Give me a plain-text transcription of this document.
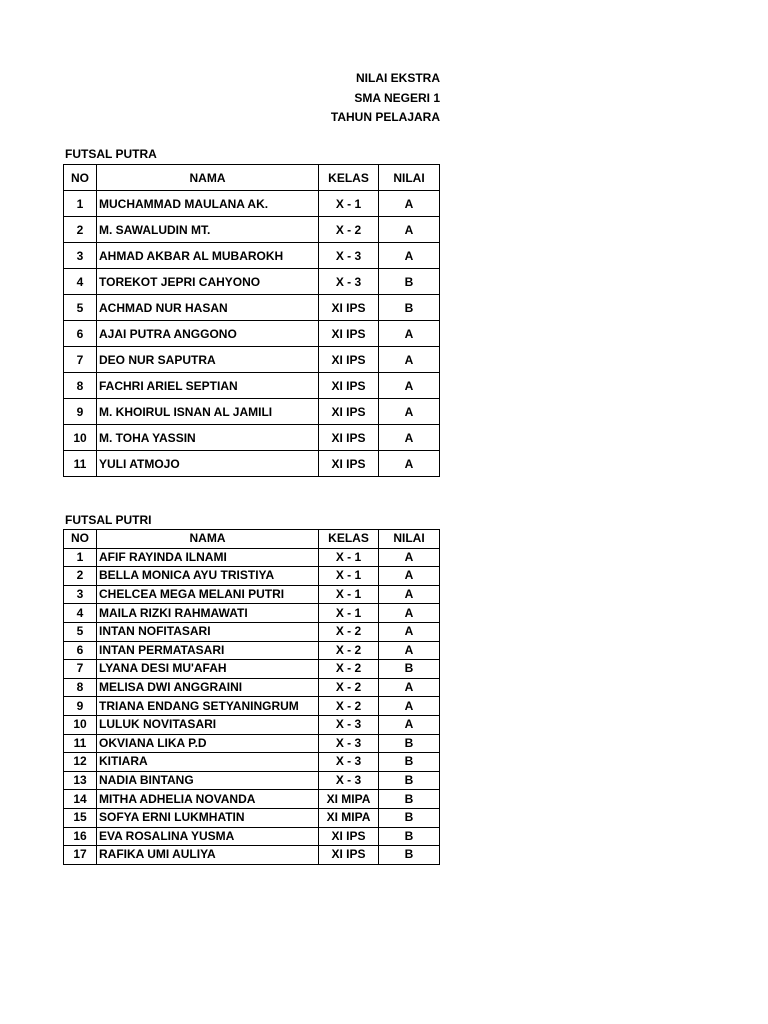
NILAI EKSTRA
SMA NEGERI 1
TAHUN PELAJARA
FUTSAL PUTRA
NO	NAMA	KELAS	NILAI
1	MUCHAMMAD MAULANA AK.	X - 1	A
2	M. SAWALUDIN MT.	X - 2	A
3	AHMAD AKBAR AL MUBAROKH	X - 3	A
4	TOREKOT JEPRI CAHYONO	X - 3	B
5	ACHMAD NUR HASAN	XI IPS	B
6	AJAI PUTRA ANGGONO	XI IPS	A
7	DEO NUR SAPUTRA	XI IPS	A
8	FACHRI ARIEL SEPTIAN	XI IPS	A
9	M. KHOIRUL ISNAN AL JAMILI	XI IPS	A
10	M. TOHA YASSIN	XI IPS	A
11	YULI ATMOJO	XI IPS	A
FUTSAL PUTRI
NO	NAMA	KELAS	NILAI
1	AFIF RAYINDA ILNAMI	X - 1	A
2	BELLA MONICA AYU TRISTIYA	X - 1	A
3	CHELCEA MEGA MELANI PUTRI	X - 1	A
4	MAILA RIZKI RAHMAWATI	X - 1	A
5	INTAN NOFITASARI	X - 2	A
6	INTAN PERMATASARI	X - 2	A
7	LYANA DESI MU'AFAH	X - 2	B
8	MELISA DWI ANGGRAINI	X - 2	A
9	TRIANA ENDANG SETYANINGRUM	X - 2	A
10	LULUK NOVITASARI	X - 3	A
11	OKVIANA LIKA P.D	X - 3	B
12	KITIARA	X - 3	B
13	NADIA BINTANG	X - 3	B
14	MITHA ADHELIA NOVANDA	XI MIPA	B
15	SOFYA ERNI LUKMHATIN	XI MIPA	B
16	EVA ROSALINA YUSMA	XI IPS	B
17	RAFIKA UMI AULIYA	XI IPS	B
